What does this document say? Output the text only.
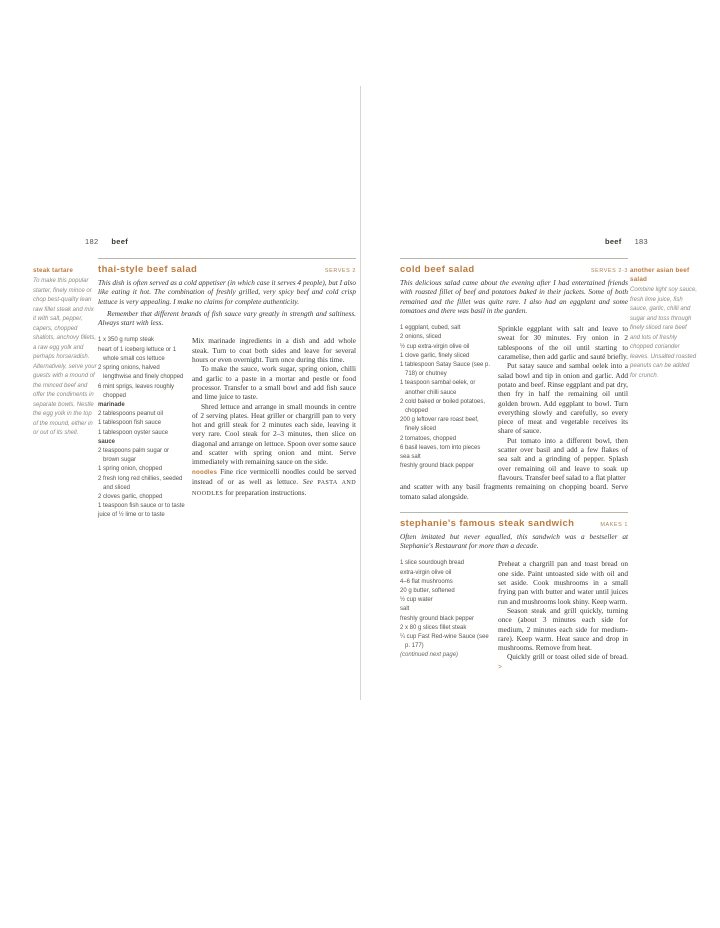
182 beef
steak tartare
To make this popular starter, finely mince or chop best-quality lean raw fillet steak and mix it with salt, pepper, capers, chopped shallots, anchovy fillets, a raw egg yolk and perhaps horseradish. Alternatively, serve your guests with a mound of the minced beef and offer the condiments in separate bowls. Nestle the egg yolk in the top of the mound, either in or out of its shell.
thai-style beef salad	SERVES 2

This dish is often served as a cold appetiser (in which case it serves 4 people), but I also like eating it hot. The combination of freshly grilled, very spicy beef and cold crisp lettuce is very appealing. I make no claims for complete authenticity.

Remember that different brands of fish sauce vary greatly in strength and saltiness. Always start with less.

1 x 350 g rump steak
heart of 1 iceberg lettuce or 1 whole small cos lettuce
2 spring onions, halved lengthwise and finely chopped
6 mint sprigs, leaves roughly chopped
marinade
2 tablespoons peanut oil
1 tablespoon fish sauce
1 tablespoon oyster sauce
sauce
2 teaspoons palm sugar or brown sugar
1 spring onion, chopped
2 fresh long red chillies, seeded and sliced
2 cloves garlic, chopped
1 teaspoon fish sauce or to taste
juice of ½ lime or to taste

Mix marinade ingredients in a dish and add whole steak. Turn to coat both sides and leave for several hours or even overnight. Turn once during this time.

To make the sauce, work sugar, spring onion, chilli and garlic to a paste in a mortar and pestle or food processor. Transfer to a small bowl and add fish sauce and lime juice to taste.

Shred lettuce and arrange in small mounds in centre of 2 serving plates. Heat griller or chargrill pan to very hot and grill steak for 2 minutes each side, leaving it very rare. Cool steak for 2–3 minutes, then slice on diagonal and arrange on lettuce. Spoon over some sauce and scatter with spring onion and mint. Serve immediately with remaining sauce on the side.

noodles Fine rice vermicelli noodles could be served instead of or as well as lettuce. See PASTA AND NOODLES for preparation instructions.

beef 183
another asian beef salad
Combine light soy sauce, fresh lime juice, fish sauce, garlic, chilli and sugar and toss through finely sliced rare beef and lots of freshly chopped coriander leaves. Unsalted roasted peanuts can be added for crunch.
cold beef salad	SERVES 2-3

This delicious salad came about the evening after I had entertained friends with roasted fillet of beef and potatoes baked in their jackets. Some of both remained and the fillet was quite rare. I also had an eggplant and some tomatoes and there was basil in the garden.

1 eggplant, cubed, salt
2 onions, sliced
½ cup extra-virgin olive oil
1 clove garlic, finely sliced
1 tablespoon Satay Sauce (see p. 718) or chutney
1 teaspoon sambal oelek, or another chilli sauce
2 cold baked or boiled potatoes, chopped
200 g leftover rare roast beef, finely sliced
2 tomatoes, chopped
6 basil leaves, torn into pieces
sea salt
freshly ground black pepper

Sprinkle eggplant with salt and leave to sweat for 30 minutes. Fry onion in 2 tablespoons of the oil until starting to caramelise, then add garlic and sauté briefly.

Put satay sauce and sambal oelek into a salad bowl and tip in onion and garlic. Add potato and beef. Rinse eggplant and pat dry, then fry in half the remaining oil until golden brown. Add eggplant to bowl. Turn everything slowly and carefully, so every piece of meat and vegetable receives its share of sauce.

Put tomato into a different bowl, then scatter over basil and add a few flakes of sea salt and a grinding of pepper. Splash over remaining oil and leave to soak up flavours. Transfer beef salad to a flat platter

and scatter with any basil fragments remaining on chopping board. Serve tomato salad alongside.

stephanie's famous steak sandwich	MAKES 1

Often imitated but never equalled, this sandwich was a bestseller at Stephanie's Restaurant for more than a decade.

1 slice sourdough bread
extra-virgin olive oil
4–6 flat mushrooms
20 g butter, softened
½ cup water
salt
freshly ground black pepper
2 x 80 g slices fillet steak
¼ cup Fast Red-wine Sauce (see p. 177)
(continued next page)

Preheat a chargrill pan and toast bread on one side. Paint untoasted side with oil and set aside. Cook mushrooms in a small frying pan with butter and water until juices run and mushrooms look shiny. Keep warm.

Season steak and grill quickly, turning once (about 3 minutes each side for medium, 2 minutes each side for medium-rare). Keep warm. Heat sauce and drop in mushrooms. Remove from heat.

Quickly grill or toast oiled side of bread. >
